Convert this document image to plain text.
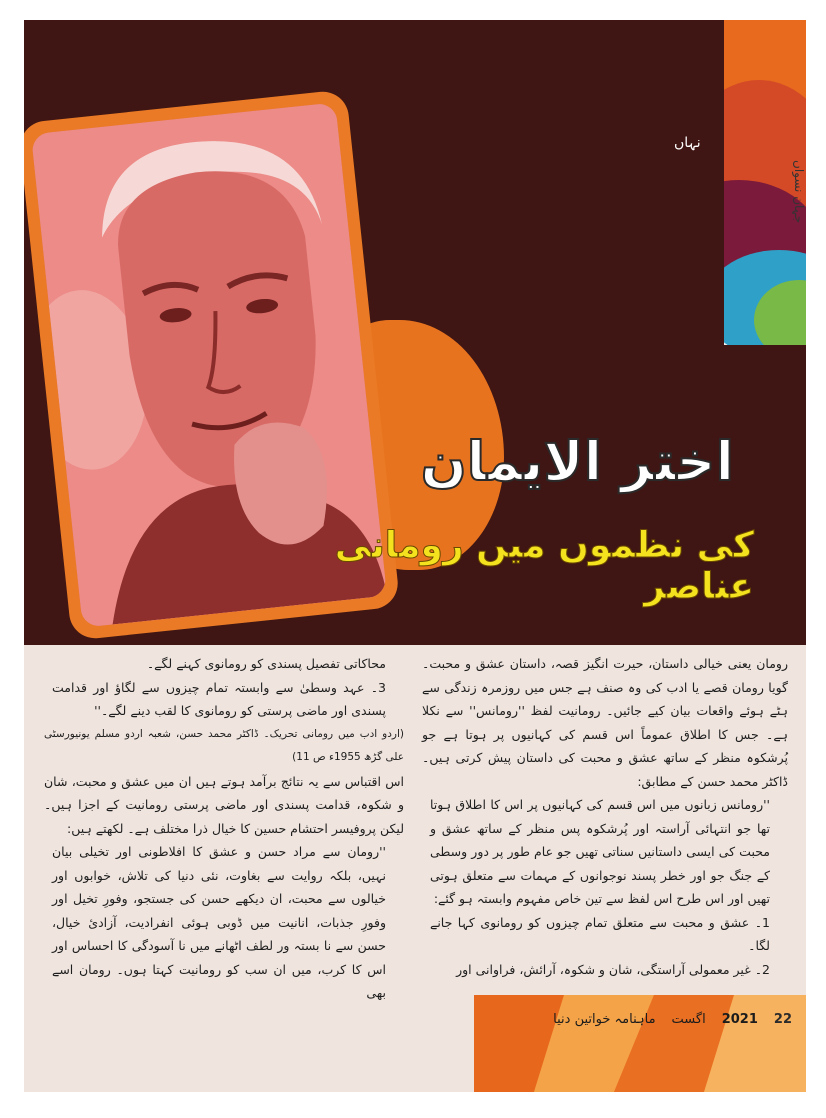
جہان نسواں
نہاں
اختر الایمان
کی نظموں میں رومانی عناصر

رومان یعنی خیالی داستان، حیرت انگیز قصہ، داستان عشق و محبت۔ گویا رومان قصے یا ادب کی وہ صنف ہے جس میں روزمرہ زندگی سے ہٹے ہوئے واقعات بیان کیے جائیں۔ رومانیت لفظ ''رومانس'' سے نکلا ہے۔ جس کا اطلاق عموماً اس قسم کی کہانیوں پر ہوتا ہے جو پُرشکوہ منظر کے ساتھ عشق و محبت کی داستان پیش کرتی ہیں۔ ڈاکٹر محمد حسن کے مطابق:

''رومانس زبانوں میں اس قسم کی کہانیوں پر اس کا اطلاق ہوتا تھا جو انتہائی آراستہ اور پُرشکوہ پس منظر کے ساتھ عشق و محبت کی ایسی داستانیں سناتی تھیں جو عام طور پر دور وسطی کے جنگ جو اور خطر پسند نوجوانوں کے مہمات سے متعلق ہوتی تھیں اور اس طرح اس لفظ سے تین خاص مفہوم وابستہ ہو گئے:

1۔ عشق و محبت سے متعلق تمام چیزوں کو رومانوی کہا جانے لگا۔

2۔ غیر معمولی آراستگی، شان و شکوہ، آرائش، فراوانی اور

محاکاتی تفصیل پسندی کو رومانوی کہنے لگے۔

3۔ عہد وسطیٰ سے وابستہ تمام چیزوں سے لگاؤ اور قدامت پسندی اور ماضی پرستی کو رومانوی کا لقب دینے لگے۔''

(اردو ادب میں رومانی تحریک۔ ڈاکٹر محمد حسن، شعبہ اردو مسلم یونیورسٹی علی گڑھ 1955ء ص 11)

اس اقتباس سے یہ نتائج برآمد ہوتے ہیں ان میں عشق و محبت، شان و شکوہ، قدامت پسندی اور ماضی پرستی رومانیت کے اجزا ہیں۔ لیکن پروفیسر احتشام حسین کا خیال ذرا مختلف ہے۔ لکھتے ہیں:

''رومان سے مراد حسن و عشق کا افلاطونی اور تخیلی بیان نہیں، بلکہ روایت سے بغاوت، نئی دنیا کی تلاش، خوابوں اور خیالوں سے محبت، ان دیکھے حسن کی جستجو، وفورِ تخیل اور وفورِ جذبات، انانیت میں ڈوبی ہوئی انفرادیت، آزادیٔ خیال، حسن سے نا بستہ ور لطف اٹھانے میں نا آسودگی کا احساس اور اس کا کرب، میں ان سب کو رومانیت کہتا ہوں۔ رومان اسے بھی

ماہنامہ خواتین دنیا اگست 2021 22
